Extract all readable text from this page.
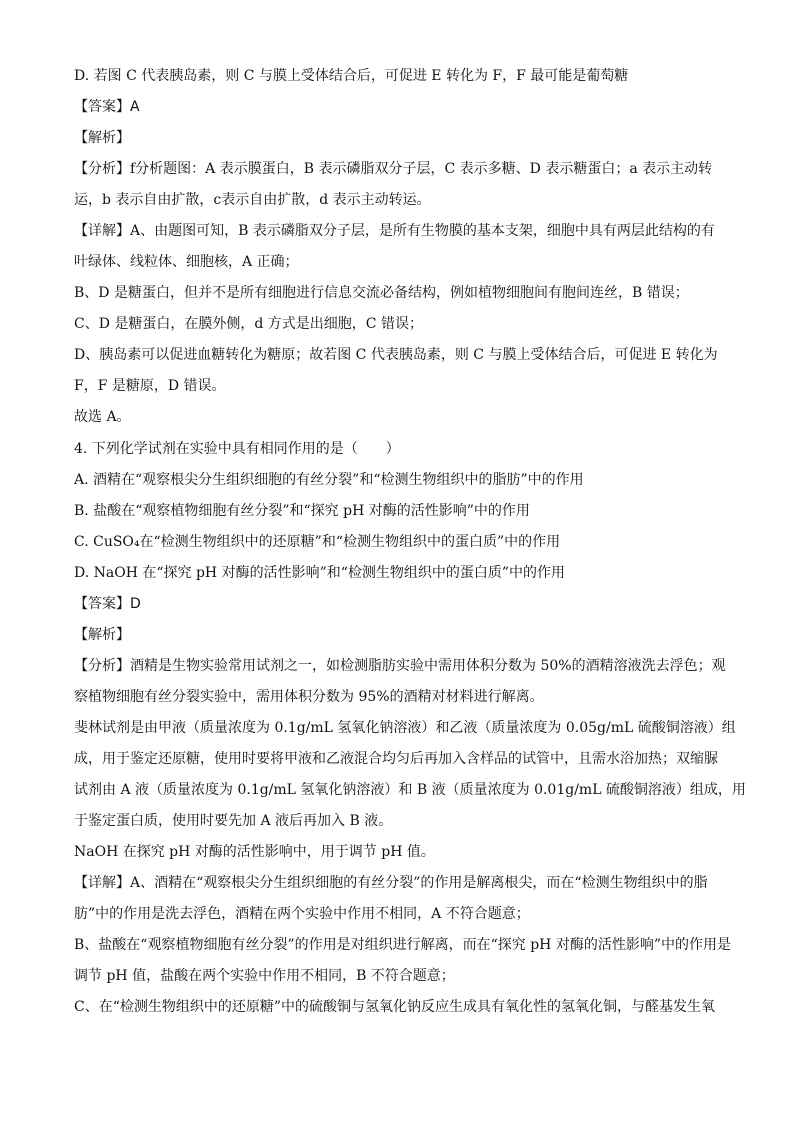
D. 若图 C 代表胰岛素，则 C 与膜上受体结合后，可促进 E 转化为 F，F 最可能是葡萄糖
【答案】A
【解析】
【分析】f分析题图：A 表示膜蛋白，B 表示磷脂双分子层，C 表示多糖、D 表示糖蛋白；a 表示主动转
运，b 表示自由扩散，c表示自由扩散，d 表示主动转运。
【详解】A、由题图可知，B 表示磷脂双分子层，是所有生物膜的基本支架，细胞中具有两层此结构的有
叶绿体、线粒体、细胞核，A 正确；
B、D 是糖蛋白，但并不是所有细胞进行信息交流必备结构，例如植物细胞间有胞间连丝，B 错误；
C、D 是糖蛋白，在膜外侧，d 方式是出细胞，C 错误；
D、胰岛素可以促进血糖转化为糖原；故若图 C 代表胰岛素，则 C 与膜上受体结合后，可促进 E 转化为
F，F 是糖原，D 错误。
故选 A。
4. 下列化学试剂在实验中具有相同作用的是（　　）
A. 酒精在“观察根尖分生组织细胞的有丝分裂”和“检测生物组织中的脂肪”中的作用
B. 盐酸在“观察植物细胞有丝分裂”和“探究 pH 对酶的活性影响”中的作用
C. CuSO₄在“检测生物组织中的还原糖”和“检测生物组织中的蛋白质”中的作用
D. NaOH 在“探究 pH 对酶的活性影响”和“检测生物组织中的蛋白质”中的作用
【答案】D
【解析】
【分析】酒精是生物实验常用试剂之一，如检测脂肪实验中需用体积分数为 50%的酒精溶液洗去浮色；观
察植物细胞有丝分裂实验中，需用体积分数为 95%的酒精对材料进行解离。
斐林试剂是由甲液（质量浓度为 0.1g/mL 氢氧化钠溶液）和乙液（质量浓度为 0.05g/mL 硫酸铜溶液）组
成，用于鉴定还原糖，使用时要将甲液和乙液混合均匀后再加入含样品的试管中，且需水浴加热；双缩脲
试剂由 A 液（质量浓度为 0.1g/mL 氢氧化钠溶液）和 B 液（质量浓度为 0.01g/mL 硫酸铜溶液）组成，用
于鉴定蛋白质，使用时要先加 A 液后再加入 B 液。
NaOH 在探究 pH 对酶的活性影响中，用于调节 pH 值。
【详解】A、酒精在“观察根尖分生组织细胞的有丝分裂”的作用是解离根尖，而在“检测生物组织中的脂
肪”中的作用是洗去浮色，酒精在两个实验中作用不相同，A 不符合题意；
B、盐酸在“观察植物细胞有丝分裂”的作用是对组织进行解离，而在“探究 pH 对酶的活性影响”中的作用是
调节 pH 值，盐酸在两个实验中作用不相同，B 不符合题意；
C、在“检测生物组织中的还原糖”中的硫酸铜与氢氧化钠反应生成具有氧化性的氢氧化铜，与醛基发生氧
